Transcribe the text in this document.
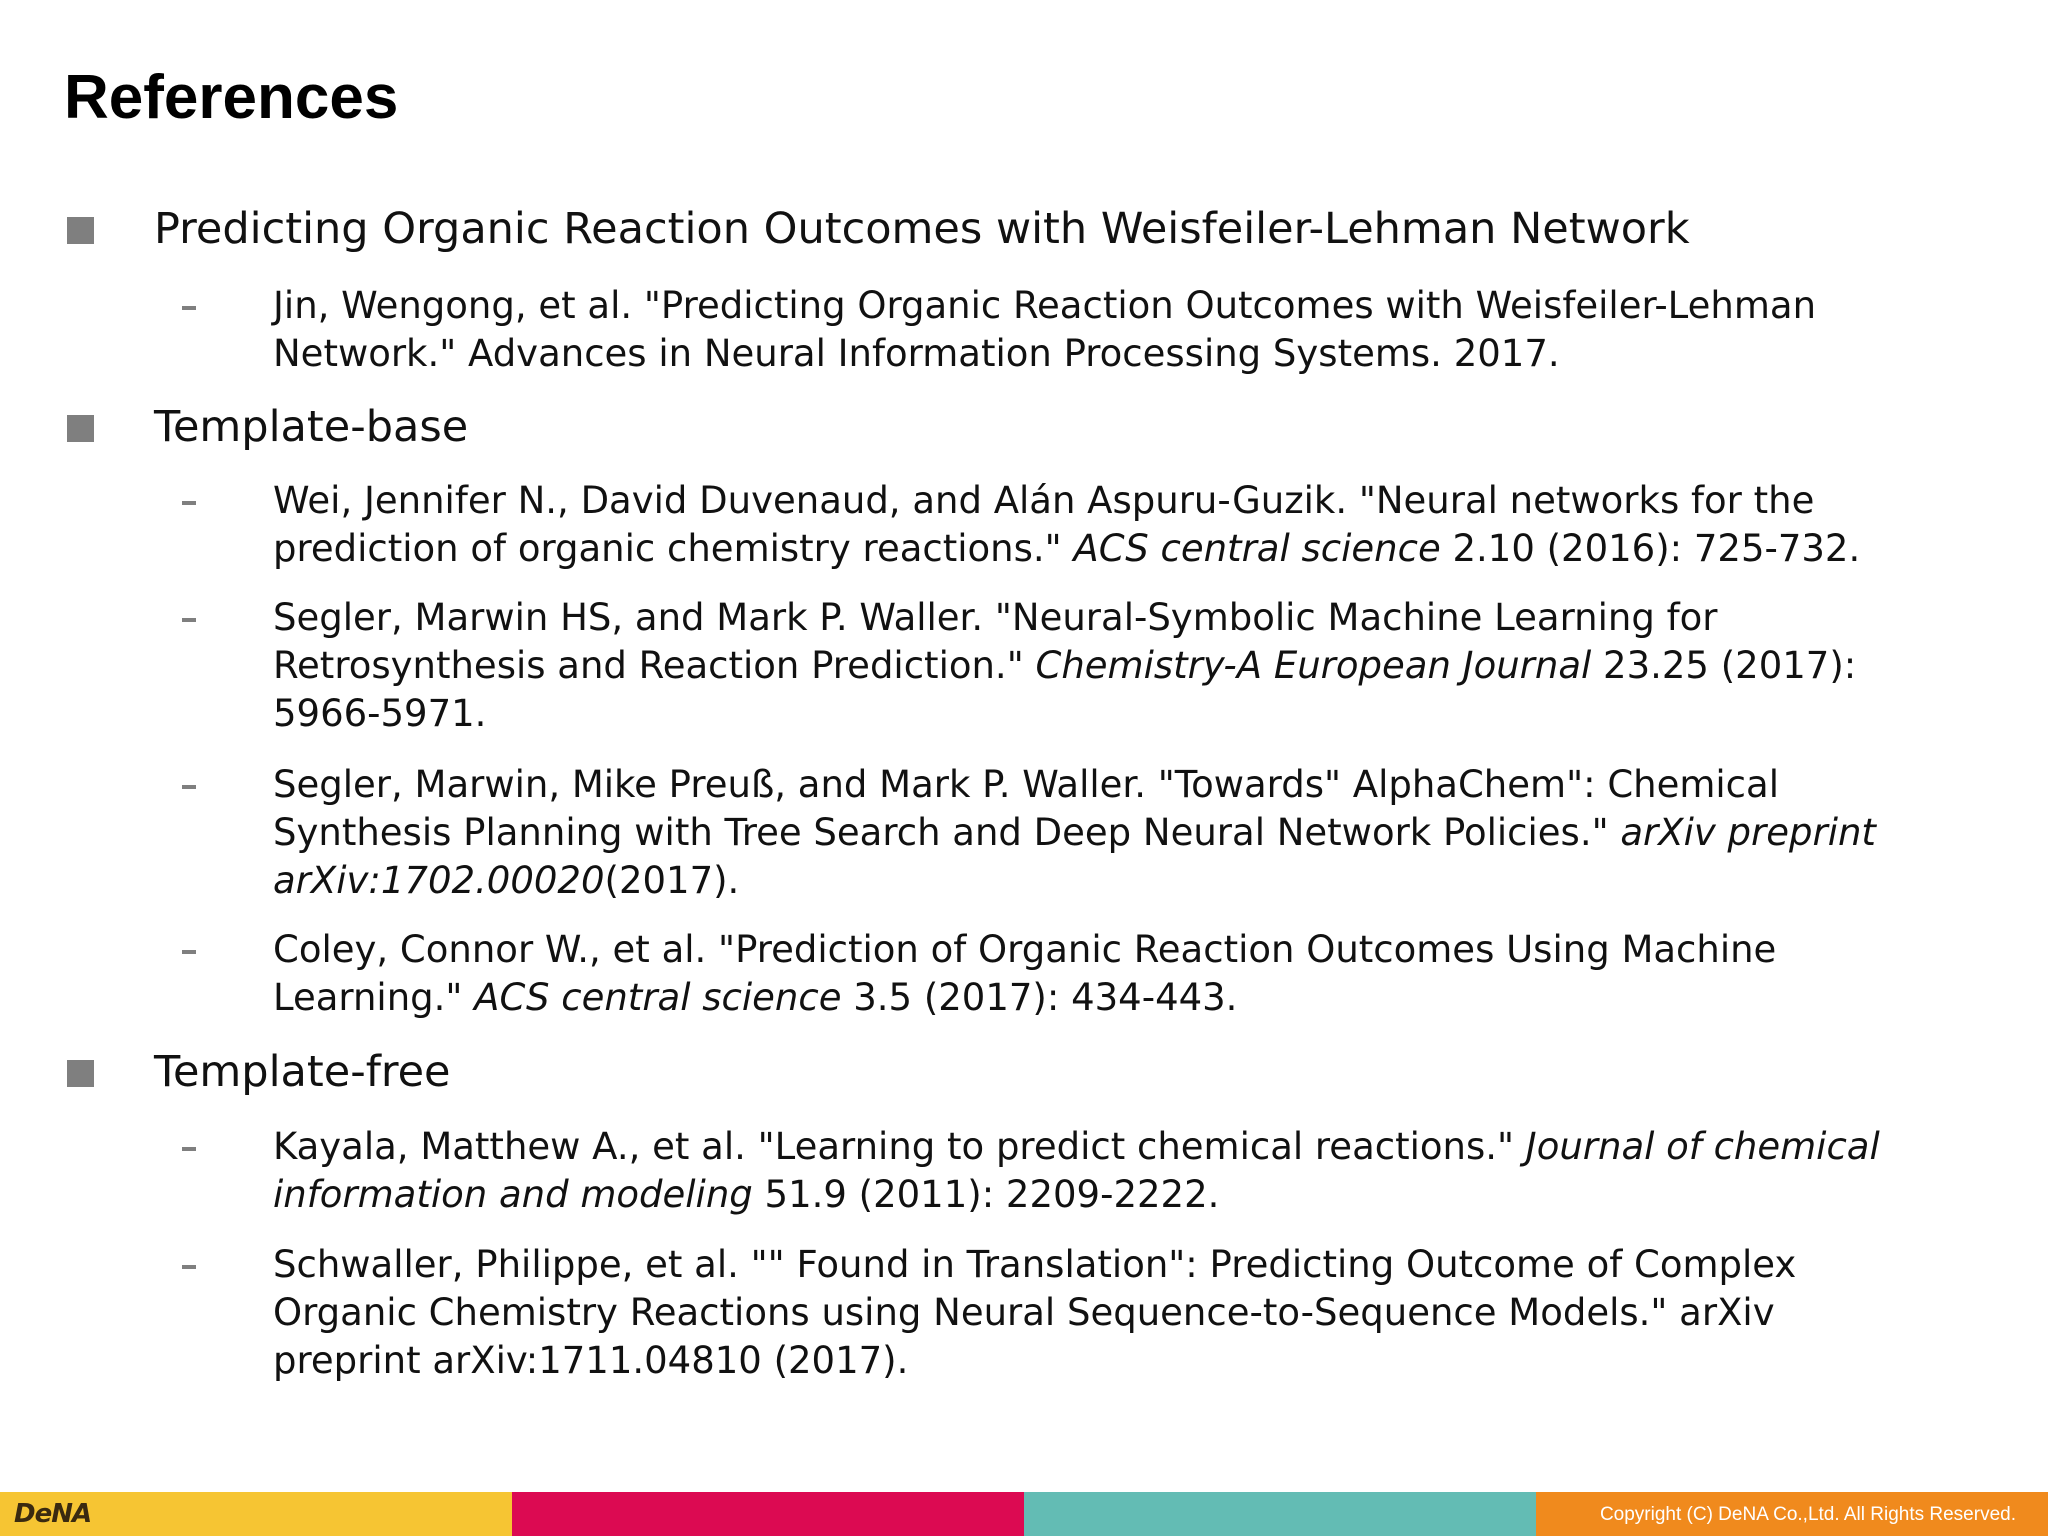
References
Predicting Organic Reaction Outcomes with Weisfeiler-Lehman Network
Jin, Wengong, et al. "Predicting Organic Reaction Outcomes with Weisfeiler-Lehman
Network." Advances in Neural Information Processing Systems. 2017.
Template-base
Wei, Jennifer N., David Duvenaud, and Alán Aspuru-Guzik. "Neural networks for the
prediction of organic chemistry reactions." ACS central science 2.10 (2016): 725-732.
Segler, Marwin HS, and Mark P. Waller. "Neural-Symbolic Machine Learning for
Retrosynthesis and Reaction Prediction." Chemistry-A European Journal 23.25 (2017):
5966-5971.
Segler, Marwin, Mike Preuß, and Mark P. Waller. "Towards" AlphaChem": Chemical
Synthesis Planning with Tree Search and Deep Neural Network Policies." arXiv preprint
arXiv:1702.00020(2017).
Coley, Connor W., et al. "Prediction of Organic Reaction Outcomes Using Machine
Learning." ACS central science 3.5 (2017): 434-443.
Template-free
Kayala, Matthew A., et al. "Learning to predict chemical reactions." Journal of chemical
information and modeling 51.9 (2011): 2209-2222.
Schwaller, Philippe, et al. "" Found in Translation": Predicting Outcome of Complex
Organic Chemistry Reactions using Neural Sequence-to-Sequence Models." arXiv
preprint arXiv:1711.04810 (2017).
DeNA	Copyright (C) DeNA Co.,Ltd. All Rights Reserved.
